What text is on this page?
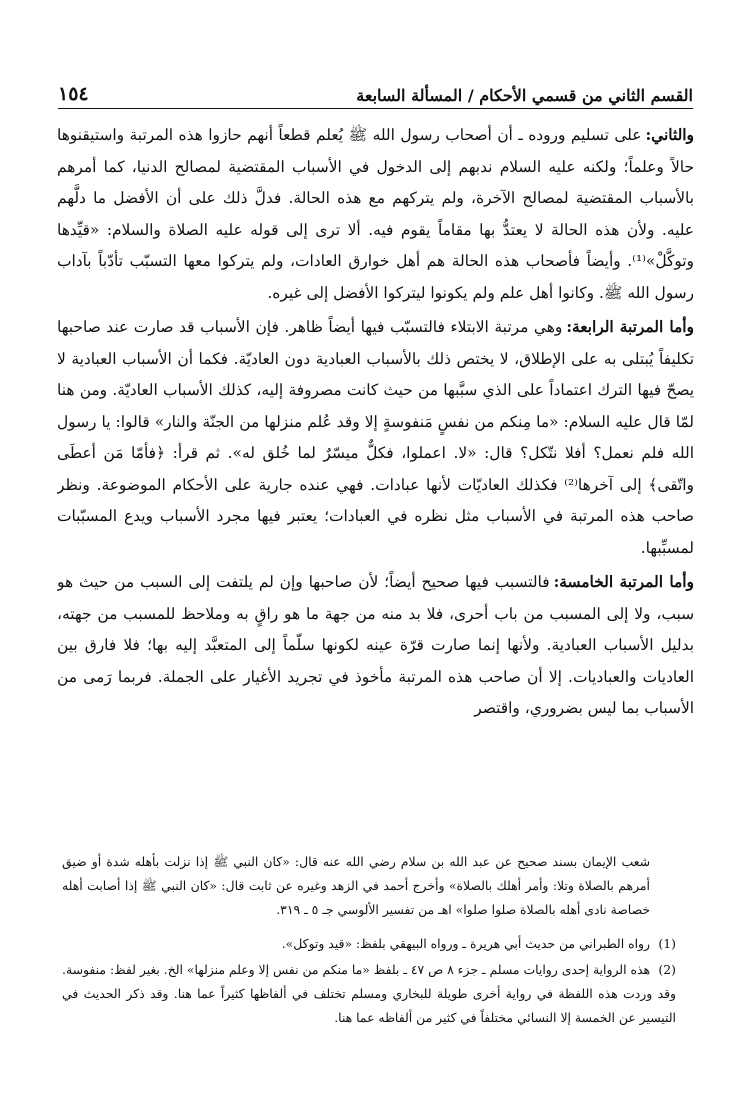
القسم الثاني من قسمي الأحكام / المسألة السابعة
١٥٤

والثاني:على تسليم وروده ـ أن أصحاب رسول الله ﷺ يُعلم قطعاً أنهم حازوا هذه المرتبة واستيقنوها حالاً وعلماً؛ ولكنه عليه السلام ندبهم إلى الدخول في الأسباب المقتضية لمصالح الدنيا، كما أمرهم بالأسباب المقتضية لمصالح الآخرة، ولم يتركهم مع هذه الحالة. فدلَّ ذلك على أن الأفضل ما دلَّهم عليه. ولأن هذه الحالة لا يعتدُّ بها مقاماً يقوم فيه. ألا ترى إلى قوله عليه الصلاة والسلام: «قيِّدها وتوكَّلْ»⁽¹⁾. وأيضاً فأصحاب هذه الحالة هم أهل خوارق العادات، ولم يتركوا معها التسبّب تأدّباً بآداب رسول الله ﷺ. وكانوا أهل علم ولم يكونوا ليتركوا الأفضل إلى غيره.

وأما المرتبة الرابعة:وهي مرتبة الابتلاء فالتسبّب فيها أيضاً ظاهر. فإن الأسباب قد صارت عند صاحبها تكليفاً يُبتلى به على الإطلاق، لا يختص ذلك بالأسباب العبادية دون العاديّة. فكما أن الأسباب العبادية لا يصحّ فيها الترك اعتماداً على الذي سبَّبها من حيث كانت مصروفة إليه، كذلك الأسباب العاديّة. ومن هنا لمّا قال عليه السلام: «ما مِنكم من نفسٍ مَنفوسةٍ إلا وقد عُلم منزلها من الجنّة والنار» قالوا: يا رسول الله فلم نعمل؟ أفلا نتّكل؟ قال: «لا. اعملوا، فكلٌّ ميسّرٌ لما خُلق له». ثم قرأ: ﴿فأمّا مَن أعطَى واتّقى﴾ إلى آخرها⁽²⁾ فكذلك العاديّات لأنها عبادات. فهي عنده جارية على الأحكام الموضوعة. ونظر صاحب هذه المرتبة في الأسباب مثل نظره في العبادات؛ يعتبر فيها مجرد الأسباب ويدع المسبّبات لمسبِّبها.

وأما المرتبة الخامسة:فالتسبب فيها صحيح أيضاً؛ لأن صاحبها وإن لم يلتفت إلى السبب من حيث هو سبب، ولا إلى المسبب من باب أحرى، فلا بد منه من جهة ما هو راقٍ به وملاحظ للمسبب من جهته، بدليل الأسباب العبادية. ولأنها إنما صارت قرّة عينه لكونها سلّماً إلى المتعبَّد إليه بها؛ فلا فارق بين العاديات والعباديات. إلا أن صاحب هذه المرتبة مأخوذ في تجريد الأغيار على الجملة. فربما رَمى من الأسباب بما ليس بضروري، واقتصر

شعب الإيمان بسند صحيح عن عبد الله بن سلام رضي الله عنه قال: «كان النبي ﷺ إذا نزلت بأهله شدة أو ضيق أمرهم بالصلاة وتلا: وأمر أهلك بالصلاة» وأخرج أحمد في الزهد وغيره عن ثابت قال: «كان النبي ﷺ إذا أصابت أهله خصاصة نادى أهله بالصلاة صلوا صلوا» اهـ من تفسير الألوسي جـ ٥ ـ ٣١٩.

(1)رواه الطبراني من حديث أبي هريرة ـ ورواه البيهقي بلفظ: «قيد وتوكل».

(2)هذه الرواية إحدى روايات مسلم ـ جزء ٨ ص ٤٧ ـ بلفظ «ما منكم من نفس إلا وعلم منزلها» الخ. بغير لفظ: منفوسة. وقد وردت هذه اللفظة في رواية أخرى طويلة للبخاري ومسلم تختلف في ألفاظها كثيراً عما هنا. وقد ذكر الحديث في التيسير عن الخمسة إلا النسائي مختلفاً في كثير من ألفاظه عما هنا.
